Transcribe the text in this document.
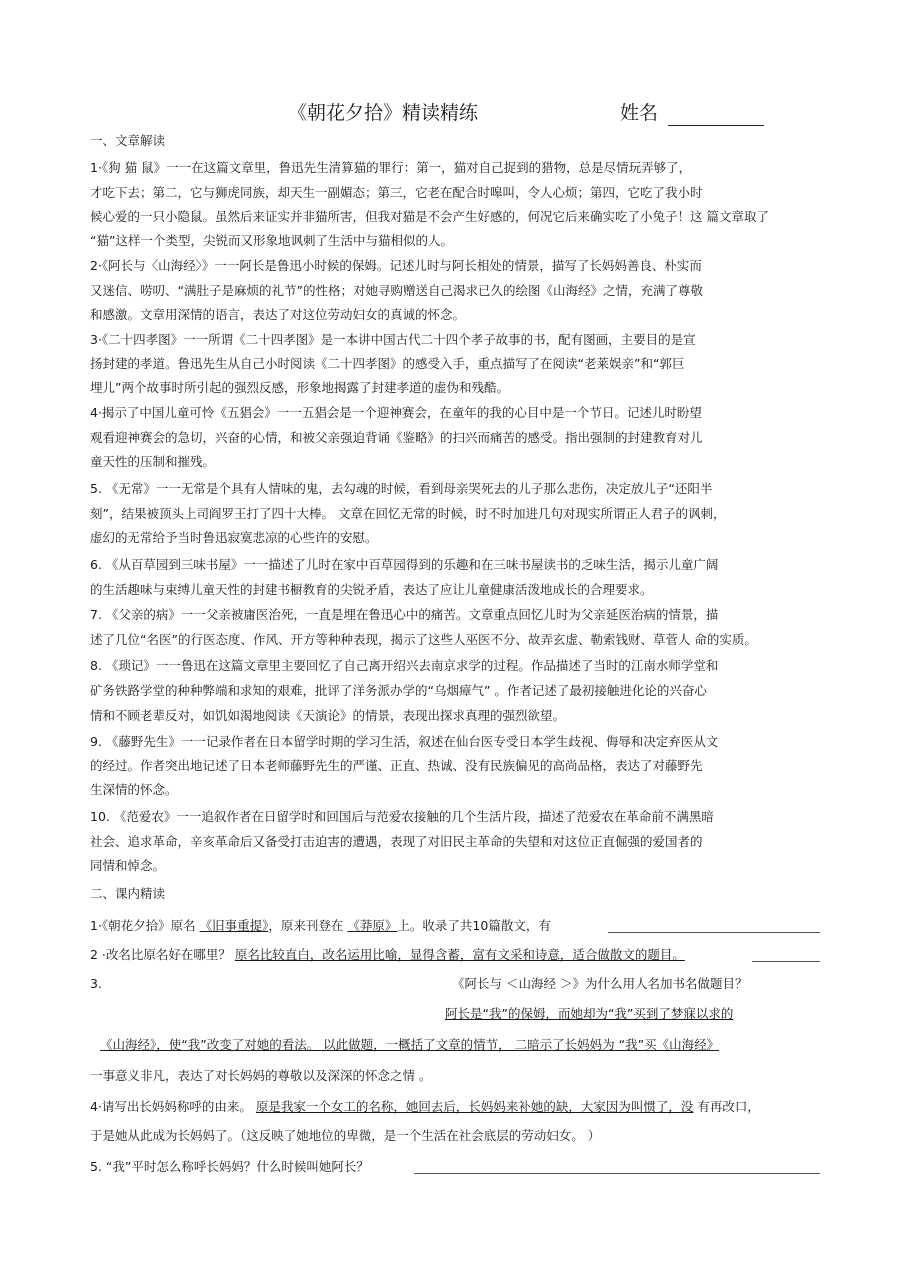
《朝花夕拾》精读精练	姓名
一、文章解读
1·《狗 猫 鼠》一一在这篇文章里，鲁迅先生清算猫的罪行：第一，猫对自己捉到的猎物，总是尽情玩弄够了，
才吃下去；第二，它与狮虎同族，却天生一副媚态；第三，它老在配合时嗥叫，令人心烦；第四，它吃了我小时
候心爱的一只小隐鼠。虽然后来证实并非猫所害，但我对猫是不会产生好感的，何况它后来确实吃了小兔子！这 篇文章取了
“猫”这样一个类型，尖锐而又形象地讽刺了生活中与猫相似的人。
2·《阿长与〈山海经〉》一一阿长是鲁迅小时候的保姆。记述儿时与阿长相处的情景，描写了长妈妈善良、朴实而
又迷信、唠叨、“满肚子是麻烦的礼节”的性格；对她寻购赠送自己渴求已久的绘图《山海经》之情，充满了尊敬
和感激。文章用深情的语言，表达了对这位劳动妇女的真诚的怀念。
3·《二十四孝图》一一所谓《二十四孝图》是一本讲中国古代二十四个孝子故事的书，配有图画，主要目的是宣
扬封建的孝道。鲁迅先生从自己小时阅读《二十四孝图》的感受入手，重点描写了在阅读“老莱娱亲”和“郭巨
埋儿”两个故事时所引起的强烈反感，形象地揭露了封建孝道的虚伪和残酷。
4·揭示了中国儿童可怜《五猖会》一一五猖会是一个迎神赛会，在童年的我的心目中是一个节日。记述儿时盼望
观看迎神赛会的急切，兴奋的心情，和被父亲强迫背诵《鉴略》的扫兴而痛苦的感受。指出强制的封建教育对儿
童天性的压制和摧残。
5. 《无常》一一无常是个具有人情味的鬼，去勾魂的时候，看到母亲哭死去的儿子那么悲伤，决定放儿子“还阳半
刻”，结果被顶头上司阎罗王打了四十大棒。 文章在回忆无常的时候，时不时加进几句对现实所谓正人君子的讽刺，
虚幻的无常给予当时鲁迅寂寞悲凉的心些许的安慰。
6. 《从百草园到三味书屋》一一描述了儿时在家中百草园得到的乐趣和在三味书屋读书的乏味生活，揭示儿童广阔
的生活趣味与束缚儿童天性的封建书橱教育的尖锐矛盾，表达了应让儿童健康活泼地成长的合理要求。
7. 《父亲的病》一一父亲被庸医治死，一直是埋在鲁迅心中的痛苦。文章重点回忆儿时为父亲延医治病的情景，描
述了几位“名医”的行医态度、作风、开方等种种表现，揭示了这些人巫医不分、故弄玄虚、勒索钱财、草菅人 命的实质。
8. 《琐记》一一鲁迅在这篇文章里主要回忆了自己离开绍兴去南京求学的过程。作品描述了当时的江南水师学堂和
矿务铁路学堂的种种弊端和求知的艰难，批评了洋务派办学的“乌烟瘴气” 。作者记述了最初接触进化论的兴奋心
情和不顾老辈反对，如饥如渴地阅读《天演论》的情景，表现出探求真理的强烈欲望。
9. 《藤野先生》一一记录作者在日本留学时期的学习生活，叙述在仙台医专受日本学生歧视、侮辱和决定弃医从文
的经过。作者突出地记述了日本老师藤野先生的严谨、正直、热诚、没有民族偏见的高尚品格，表达了对藤野先
生深情的怀念。
10. 《范爱农》一一追叙作者在日留学时和回国后与范爱农接触的几个生活片段，描述了范爱农在革命前不满黑暗
社会、追求革命，辛亥革命后又备受打击迫害的遭遇，表现了对旧民主革命的失望和对这位正直倔强的爱国者的
同情和悼念。
二、课内精读
1·《朝花夕拾》原名 《旧事重提》，原来刊登在 《莽原》上。收录了共10篇散文，有
2 ·改名比原名好在哪里？ 原名比较直白，改名运用比喻，显得含蓄，富有文采和诗意，适合做散文的题目。
3.	《阿长与 ＜山海经 ＞》为什么用人名加书名做题目？
阿长是“我”的保姆，而她却为“我”买到了梦寐以求的
《山海经》，使“我”改变了对她的看法。 以此做题，一概括了文章的情节， 二暗示了长妈妈为 “我”买《山海经》
一事意义非凡，表达了对长妈妈的尊敬以及深深的怀念之情 。
4·请写出长妈妈称呼的由来。 原是我家一个女工的名称，她回去后，长妈妈来补她的缺，大家因为叫惯了，没 有再改口，
于是她从此成为长妈妈了。（这反映了她地位的卑微，是一个生活在社会底层的劳动妇女。 ）
5. “我”平时怎么称呼长妈妈？什么时候叫她阿长？
